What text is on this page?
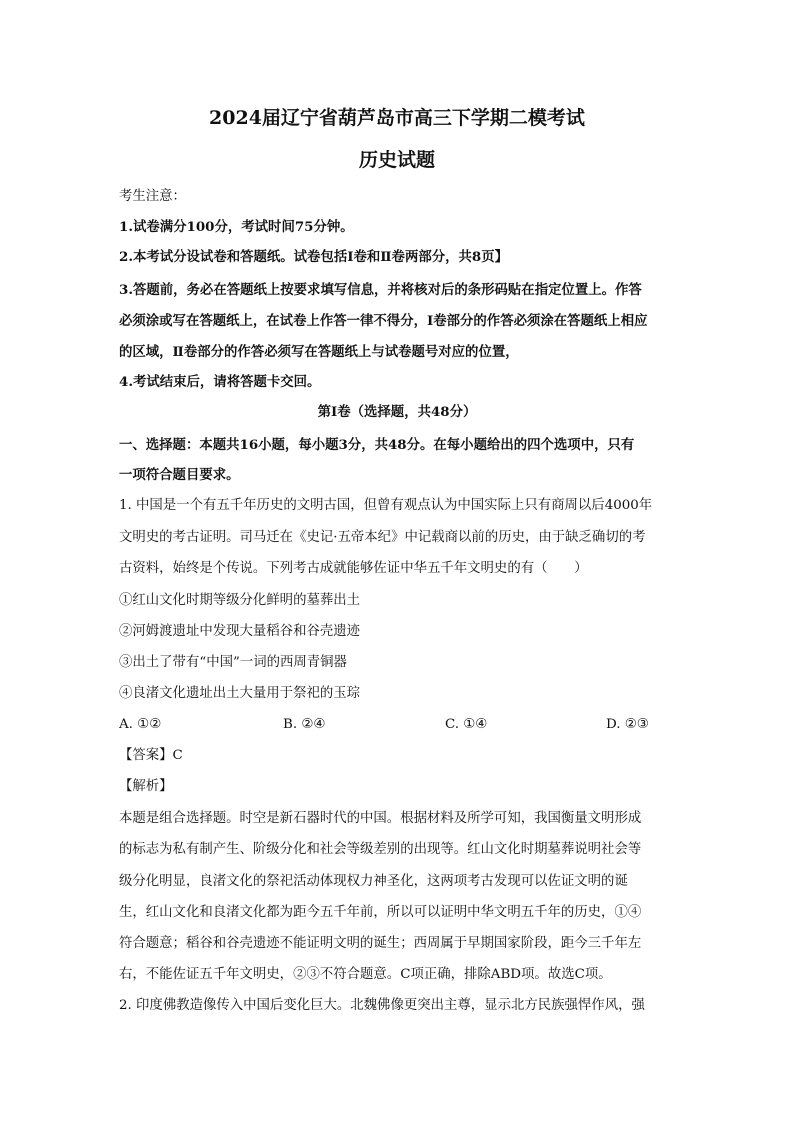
2024届辽宁省葫芦岛市高三下学期二模考试
历史试题
考生注意：
1.试卷满分100分，考试时间75分钟。
2.本考试分设试卷和答题纸。试卷包括Ⅰ卷和Ⅱ卷两部分，共8页】
3.答题前，务必在答题纸上按要求填写信息，并将核对后的条形码贴在指定位置上。作答
必须涂或写在答题纸上，在试卷上作答一律不得分，Ⅰ卷部分的作答必须涂在答题纸上相应
的区域，Ⅱ卷部分的作答必须写在答题纸上与试卷题号对应的位置，
4.考试结束后，请将答题卡交回。
第Ⅰ卷（选择题，共48分）
一、选择题：本题共16小题，每小题3分，共48分。在每小题给出的四个选项中，只有
一项符合题目要求。
1. 中国是一个有五千年历史的文明古国，但曾有观点认为中国实际上只有商周以后4000年
文明史的考古证明。司马迁在《史记·五帝本纪》中记载商以前的历史，由于缺乏确切的考
古资料，始终是个传说。下列考古成就能够佐证中华五千年文明史的有（　　）
①红山文化时期等级分化鲜明的墓葬出土
②河姆渡遗址中发现大量稻谷和谷壳遗迹
③出土了带有“中国”一词的西周青铜器
④良渚文化遗址出土大量用于祭祀的玉琮
A. ①②	B. ②④	C. ①④	D. ②③
【答案】C
【解析】
本题是组合选择题。时空是新石器时代的中国。根据材料及所学可知，我国衡量文明形成
的标志为私有制产生、阶级分化和社会等级差别的出现等。红山文化时期墓葬说明社会等
级分化明显，良渚文化的祭祀活动体现权力神圣化，这两项考古发现可以佐证文明的诞
生，红山文化和良渚文化都为距今五千年前，所以可以证明中华文明五千年的历史，①④
符合题意；稻谷和谷壳遗迹不能证明文明的诞生；西周属于早期国家阶段，距今三千年左
右，不能佐证五千年文明史，②③不符合题意。C项正确，排除ABD项。故选C项。
2. 印度佛教造像传入中国后变化巨大。北魏佛像更突出主尊，显示北方民族强悍作风，强
